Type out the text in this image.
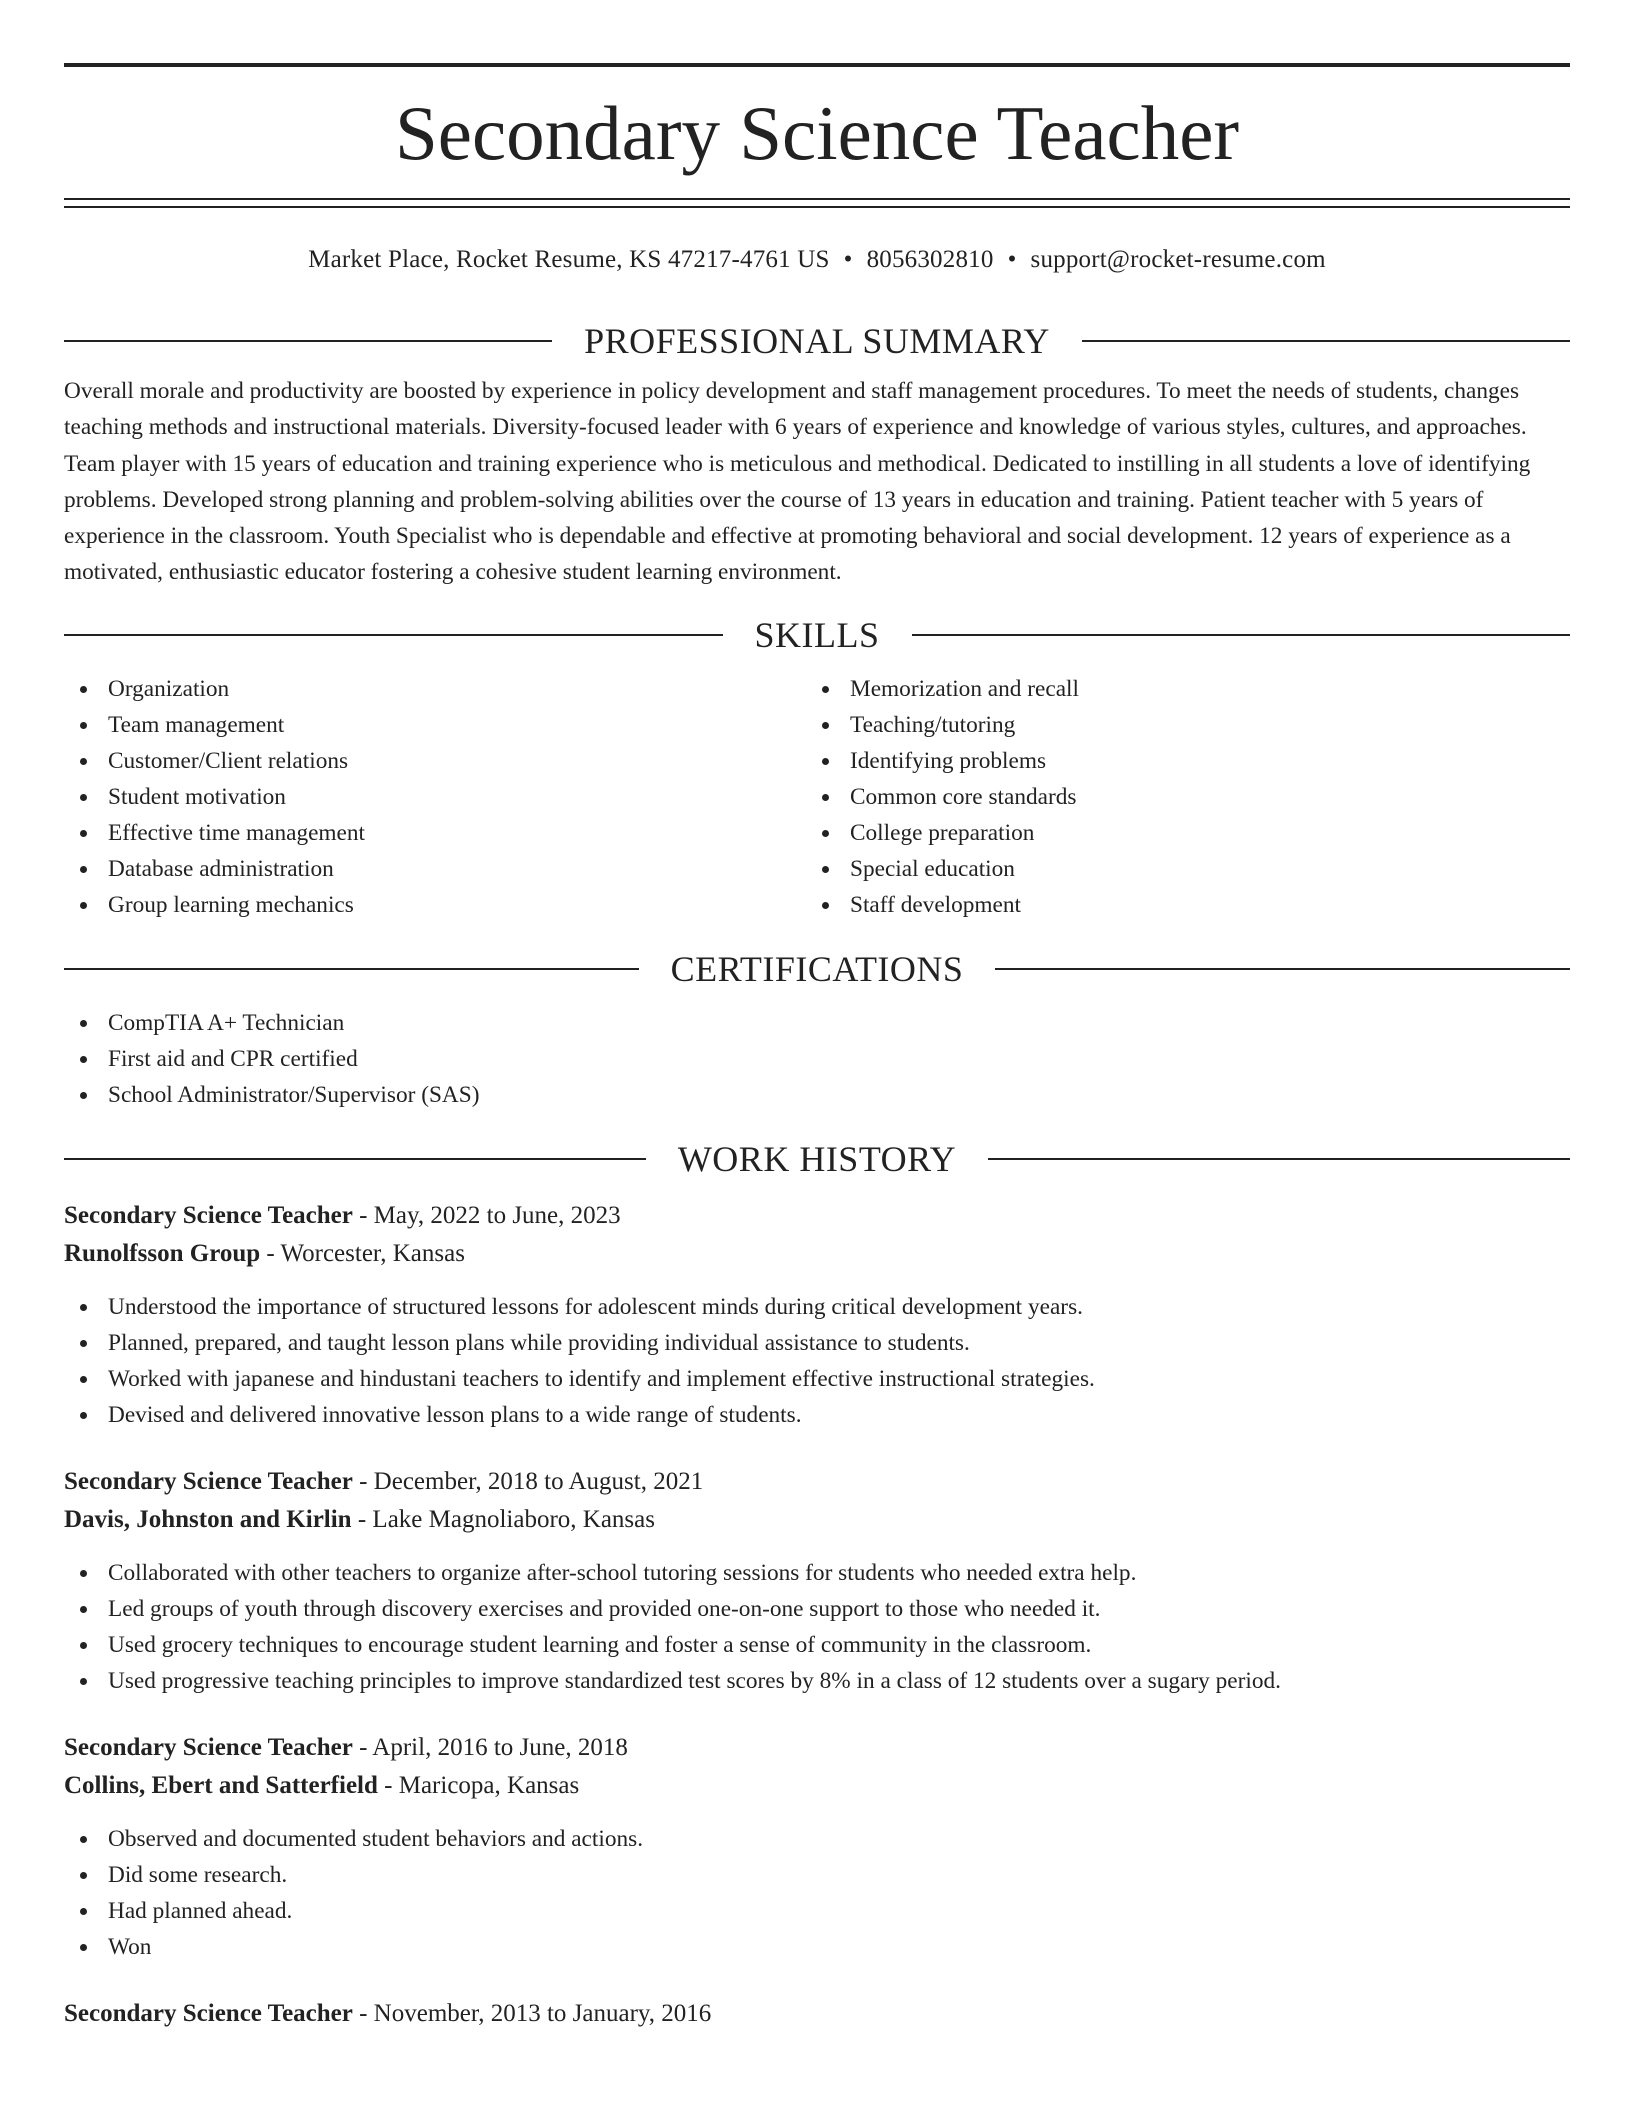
Secondary Science Teacher
Market Place, Rocket Resume, KS 47217-4761 US • 8056302810 • support@rocket-resume.com
PROFESSIONAL SUMMARY

Overall morale and productivity are boosted by experience in policy development and staff management procedures. To meet the needs of students, changes teaching methods and instructional materials. Diversity-focused leader with 6 years of experience and knowledge of various styles, cultures, and approaches. Team player with 15 years of education and training experience who is meticulous and methodical. Dedicated to instilling in all students a love of identifying problems. Developed strong planning and problem-solving abilities over the course of 13 years in education and training. Patient teacher with 5 years of experience in the classroom. Youth Specialist who is dependable and effective at promoting behavioral and social development. 12 years of experience as a motivated, enthusiastic educator fostering a cohesive student learning environment.

SKILLS
Organization
Team management
Customer/Client relations
Student motivation
Effective time management
Database administration
Group learning mechanics
Memorization and recall
Teaching/tutoring
Identifying problems
Common core standards
College preparation
Special education
Staff development
CERTIFICATIONS
CompTIA A+ Technician
First aid and CPR certified
School Administrator/Supervisor (SAS)
WORK HISTORY
Secondary Science Teacher - May, 2022 to June, 2023
Runolfsson Group - Worcester, Kansas
Understood the importance of structured lessons for adolescent minds during critical development years.
Planned, prepared, and taught lesson plans while providing individual assistance to students.
Worked with japanese and hindustani teachers to identify and implement effective instructional strategies.
Devised and delivered innovative lesson plans to a wide range of students.
Secondary Science Teacher - December, 2018 to August, 2021
Davis, Johnston and Kirlin - Lake Magnoliaboro, Kansas
Collaborated with other teachers to organize after-school tutoring sessions for students who needed extra help.
Led groups of youth through discovery exercises and provided one-on-one support to those who needed it.
Used grocery techniques to encourage student learning and foster a sense of community in the classroom.
Used progressive teaching principles to improve standardized test scores by 8% in a class of 12 students over a sugary period.
Secondary Science Teacher - April, 2016 to June, 2018
Collins, Ebert and Satterfield - Maricopa, Kansas
Observed and documented student behaviors and actions.
Did some research.
Had planned ahead.
Won
Secondary Science Teacher - November, 2013 to January, 2016
